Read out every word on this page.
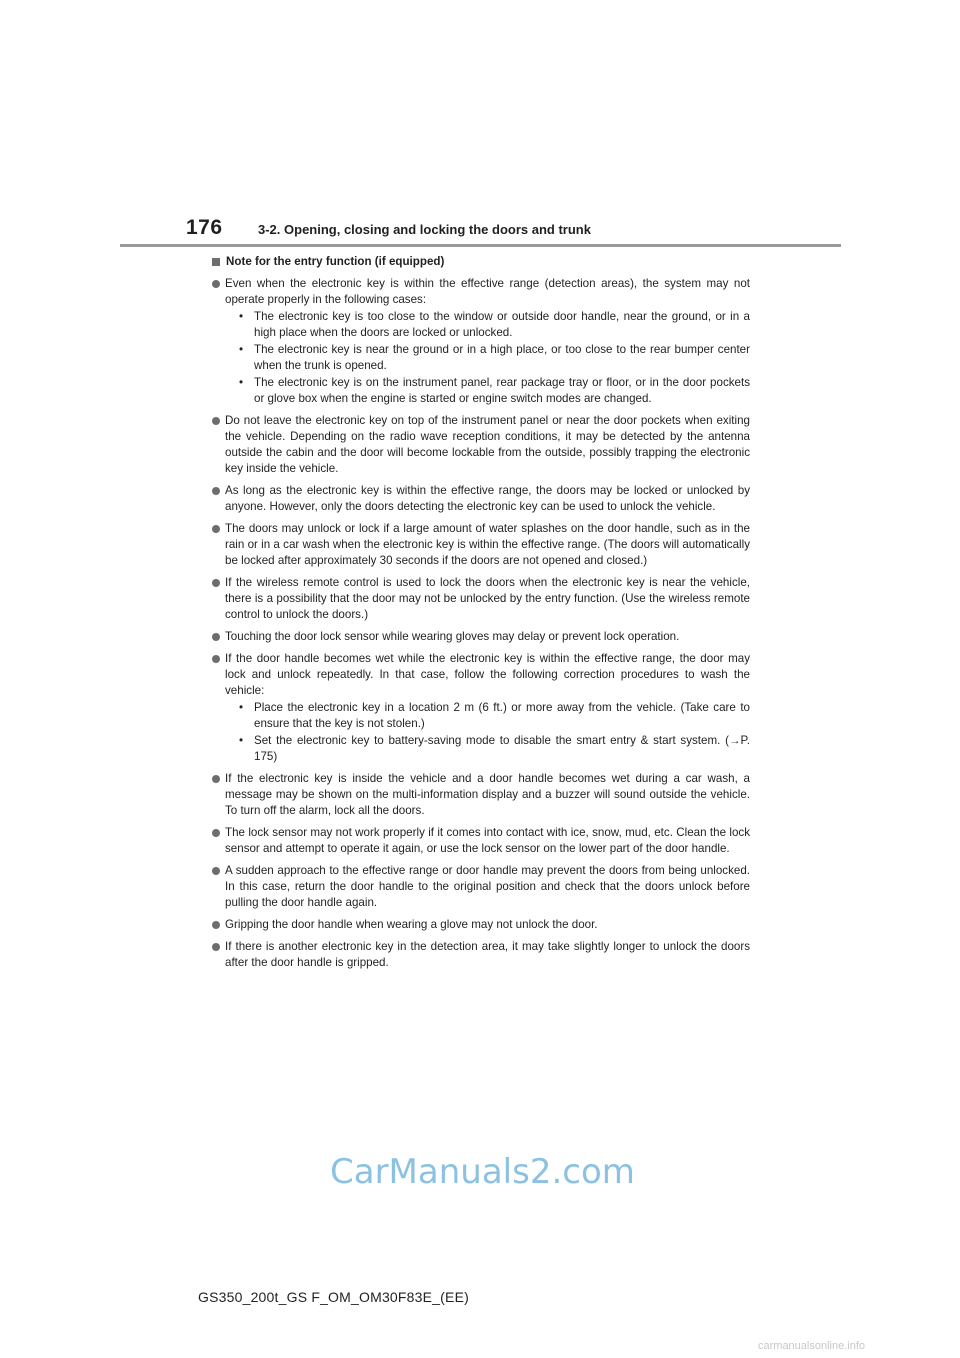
176	3-2. Opening, closing and locking the doors and trunk
Note for the entry function (if equipped)
Even when the electronic key is within the effective range (detection areas), the system may not operate properly in the following cases:
• The electronic key is too close to the window or outside door handle, near the ground, or in a high place when the doors are locked or unlocked.
• The electronic key is near the ground or in a high place, or too close to the rear bumper center when the trunk is opened.
• The electronic key is on the instrument panel, rear package tray or floor, or in the door pockets or glove box when the engine is started or engine switch modes are changed.
Do not leave the electronic key on top of the instrument panel or near the door pockets when exiting the vehicle. Depending on the radio wave reception conditions, it may be detected by the antenna outside the cabin and the door will become lockable from the outside, possibly trapping the electronic key inside the vehicle.
As long as the electronic key is within the effective range, the doors may be locked or unlocked by anyone. However, only the doors detecting the electronic key can be used to unlock the vehicle.
The doors may unlock or lock if a large amount of water splashes on the door handle, such as in the rain or in a car wash when the electronic key is within the effective range. (The doors will automatically be locked after approximately 30 seconds if the doors are not opened and closed.)
If the wireless remote control is used to lock the doors when the electronic key is near the vehicle, there is a possibility that the door may not be unlocked by the entry function. (Use the wireless remote control to unlock the doors.)
Touching the door lock sensor while wearing gloves may delay or prevent lock operation.
If the door handle becomes wet while the electronic key is within the effective range, the door may lock and unlock repeatedly. In that case, follow the following correction procedures to wash the vehicle:
• Place the electronic key in a location 2 m (6 ft.) or more away from the vehicle. (Take care to ensure that the key is not stolen.)
• Set the electronic key to battery-saving mode to disable the smart entry & start system. (→P. 175)
If the electronic key is inside the vehicle and a door handle becomes wet during a car wash, a message may be shown on the multi-information display and a buzzer will sound outside the vehicle. To turn off the alarm, lock all the doors.
The lock sensor may not work properly if it comes into contact with ice, snow, mud, etc. Clean the lock sensor and attempt to operate it again, or use the lock sensor on the lower part of the door handle.
A sudden approach to the effective range or door handle may prevent the doors from being unlocked. In this case, return the door handle to the original position and check that the doors unlock before pulling the door handle again.
Gripping the door handle when wearing a glove may not unlock the door.
If there is another electronic key in the detection area, it may take slightly longer to unlock the doors after the door handle is gripped.
CarManuals2.com
GS350_200t_GS F_OM_OM30F83E_(EE)
carmanualsonline.info
